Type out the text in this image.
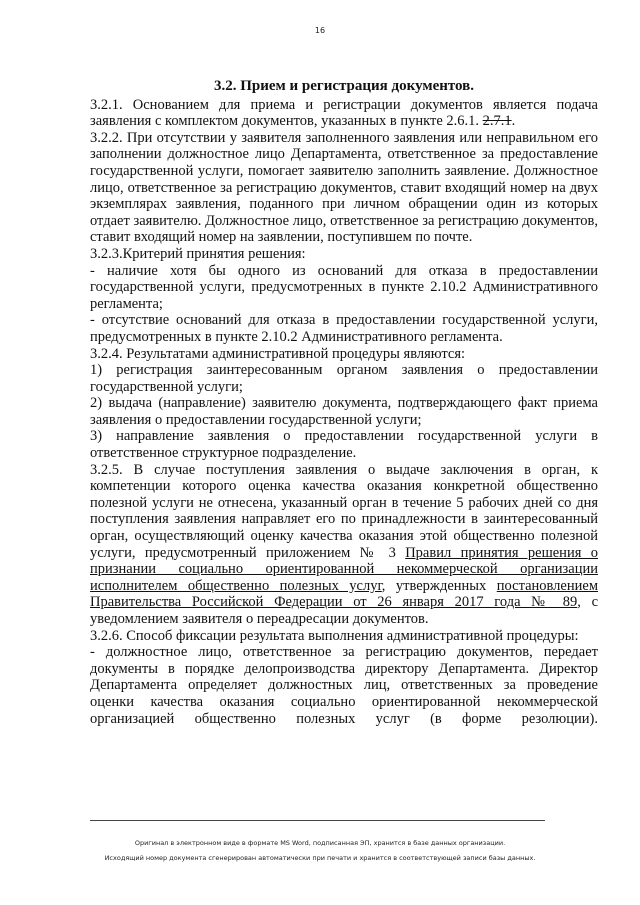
16
3.2. Прием и регистрация документов.

3.2.1. Основанием для приема и регистрации документов является подача заявления с комплектом документов, указанных в пункте 2.6.1. 2.7.1.

3.2.2. При отсутствии у заявителя заполненного заявления или неправильном его заполнении должностное лицо Департамента, ответственное за предоставление государственной услуги, помогает заявителю заполнить заявление. Должностное лицо, ответственное за регистрацию документов, ставит входящий номер на двух экземплярах заявления, поданного при личном обращении один из которых отдает заявителю. Должностное лицо, ответственное за регистрацию документов, ставит входящий номер на заявлении, поступившем по почте.

3.2.3.Критерий принятия решения:

- наличие хотя бы одного из оснований для отказа в предоставлении государственной услуги, предусмотренных в пункте 2.10.2 Административного регламента;

- отсутствие оснований для отказа в предоставлении государственной услуги, предусмотренных в пункте 2.10.2 Административного регламента.

3.2.4. Результатами административной процедуры являются:

1) регистрация заинтересованным органом заявления о предоставлении государственной услуги;

2) выдача (направление) заявителю документа, подтверждающего факт приема заявления о предоставлении государственной услуги;

3) направление заявления о предоставлении государственной услуги в ответственное структурное подразделение.

3.2.5. В случае поступления заявления о выдаче заключения в орган, к компетенции которого оценка качества оказания конкретной общественно полезной услуги не отнесена, указанный орган в течение 5 рабочих дней со дня поступления заявления направляет его по принадлежности в заинтересованный орган, осуществляющий оценку качества оказания этой общественно полезной услуги, предусмотренный приложением № 3 Правил принятия решения о признании социально ориентированной некоммерческой организации исполнителем общественно полезных услуг, утвержденных постановлением Правительства Российской Федерации от 26 января 2017 года № 89, с уведомлением заявителя о переадресации документов.

3.2.6. Способ фиксации результата выполнения административной процедуры:

- должностное лицо, ответственное за регистрацию документов, передает документы в порядке делопроизводства директору Департамента. Директор Департамента определяет должностных лиц, ответственных за проведение оценки качества оказания социально ориентированной некоммерческой организацией общественно полезных услуг (в форме резолюции).

Оригинал в электронном виде в формате MS Word, подписанная ЭП, хранится в базе данных организации.
Исходящий номер документа сгенерирован автоматически при печати и хранится в соответствующей записи базы данных.
